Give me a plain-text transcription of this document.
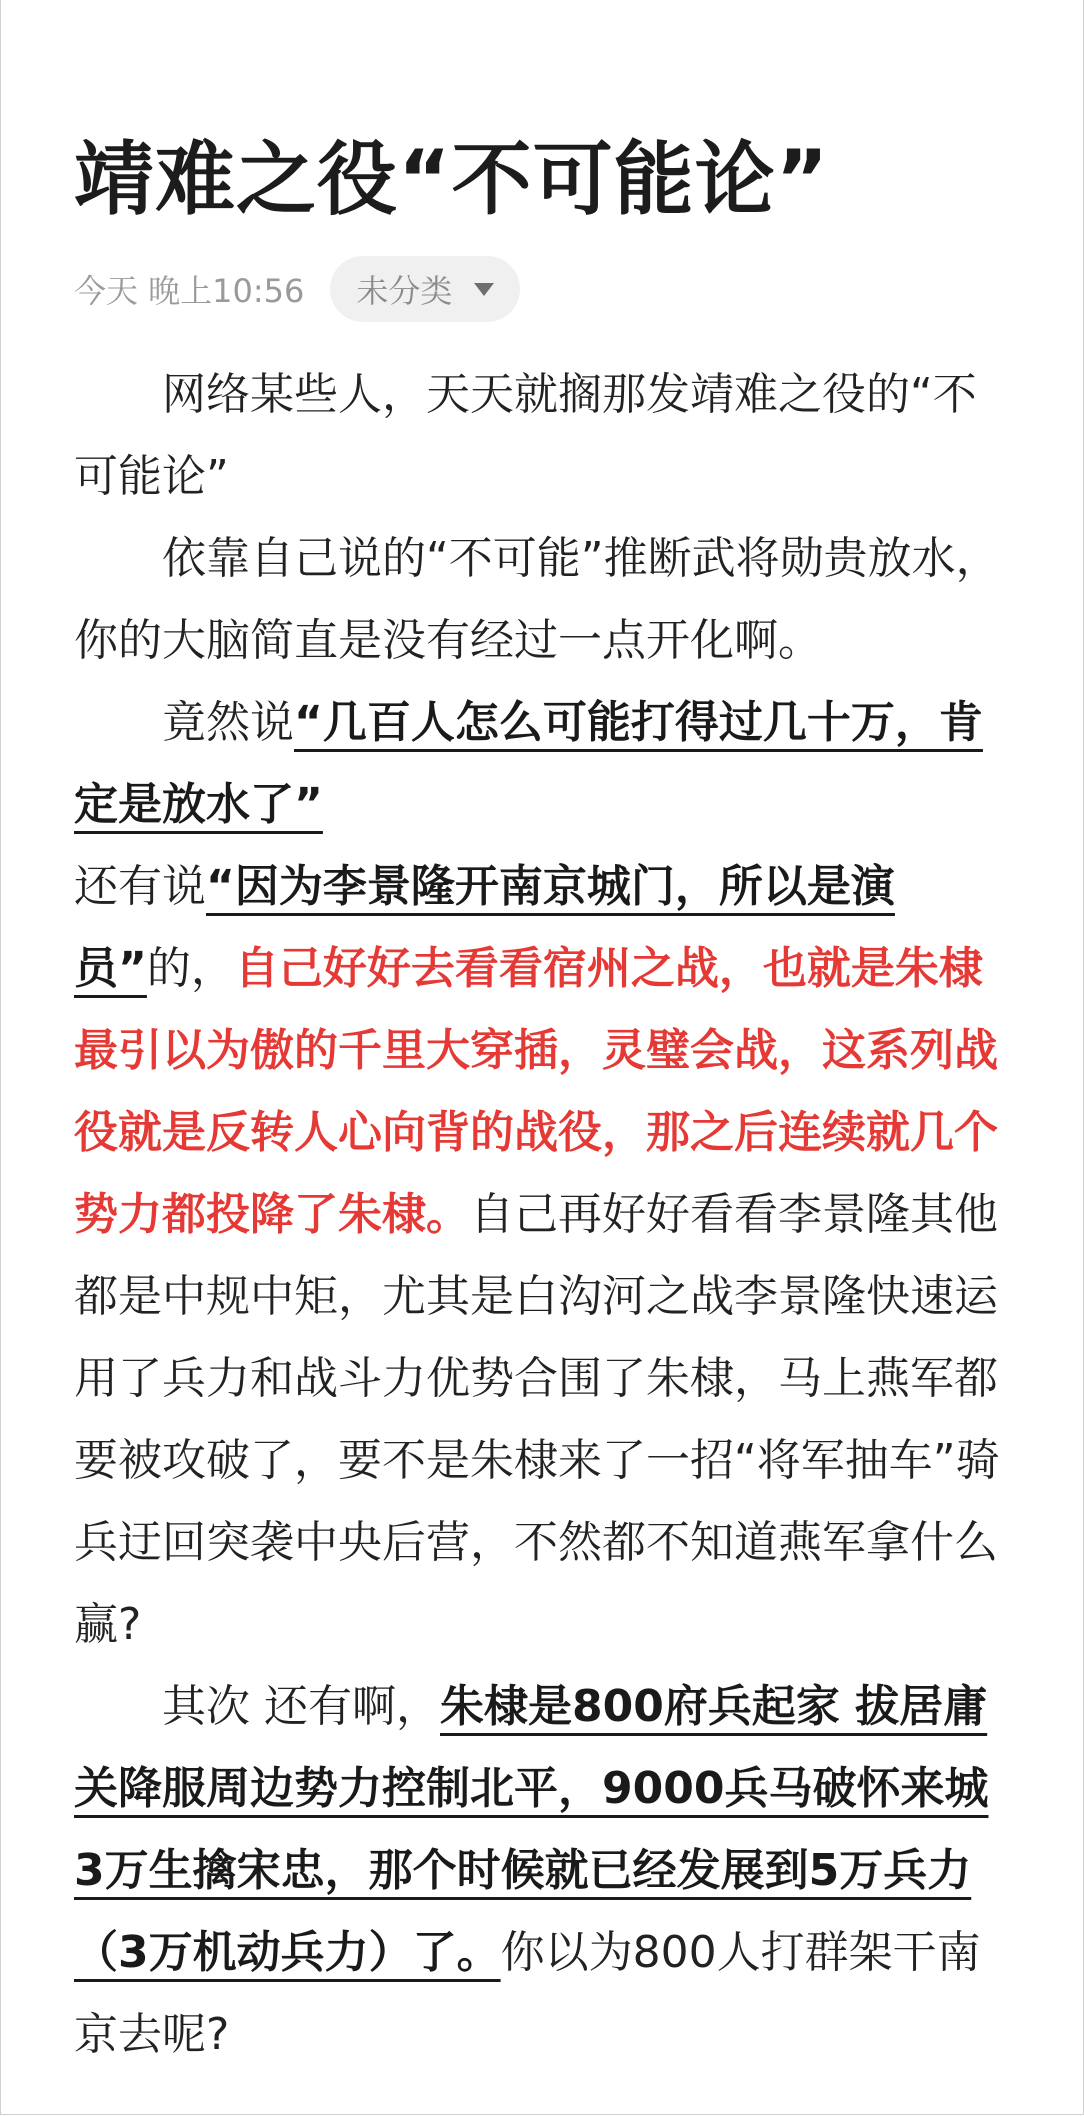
靖难之役“不可能论”
今天 晚上10:56 未分类

网络某些人，天天就搁那发靖难之役的“不可能论”

依靠自己说的“不可能”推断武将勋贵放水，你的大脑简直是没有经过一点开化啊。

竟然说“几百人怎么可能打得过几十万，肯定是放水了”

还有说“因为李景隆开南京城门，所以是演员”的，自己好好去看看宿州之战，也就是朱棣最引以为傲的千里大穿插，灵璧会战，这系列战役就是反转人心向背的战役，那之后连续就几个势力都投降了朱棣。自己再好好看看李景隆其他都是中规中矩，尤其是白沟河之战李景隆快速运用了兵力和战斗力优势合围了朱棣，马上燕军都要被攻破了，要不是朱棣来了一招“将军抽车”骑兵迂回突袭中央后营，不然都不知道燕军拿什么赢?

其次 还有啊，朱棣是800府兵起家 拔居庸关降服周边势力控制北平，9000兵马破怀来城3万生擒宋忠，那个时候就已经发展到5万兵力（3万机动兵力）了。你以为800人打群架干南京去呢?
